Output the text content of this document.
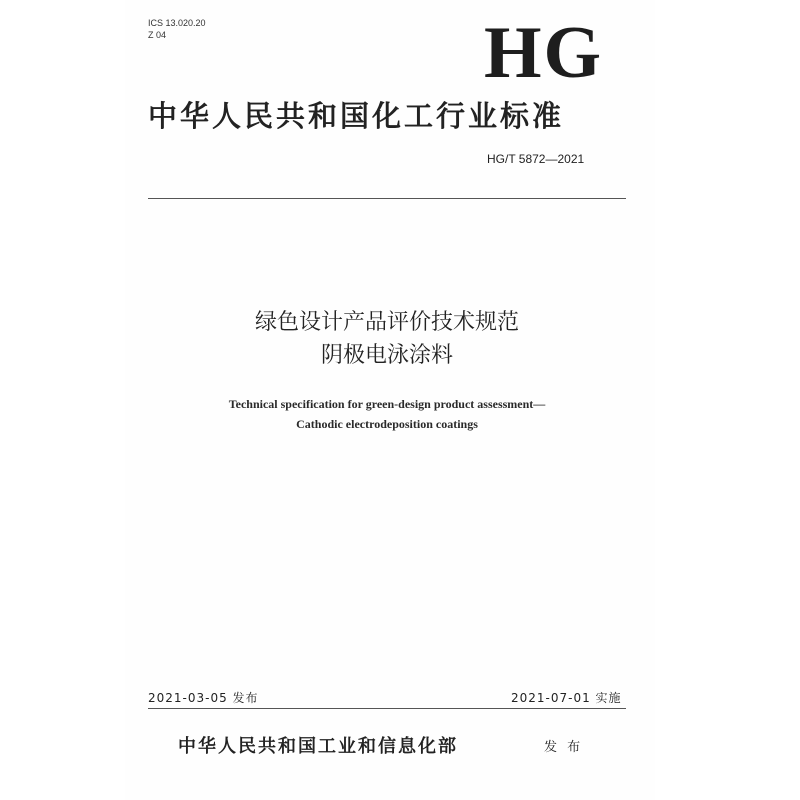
ICS 13.020.20
Z 04	HG
中华人民共和国化工行业标准
HG/T 5872—2021
绿色设计产品评价技术规范
阴极电泳涂料
Technical specification for green-design product assessment—
Cathodic electrodeposition coatings
2021-03-05 发布	2021-07-01 实施
中华人民共和国工业和信息化部	发 布
